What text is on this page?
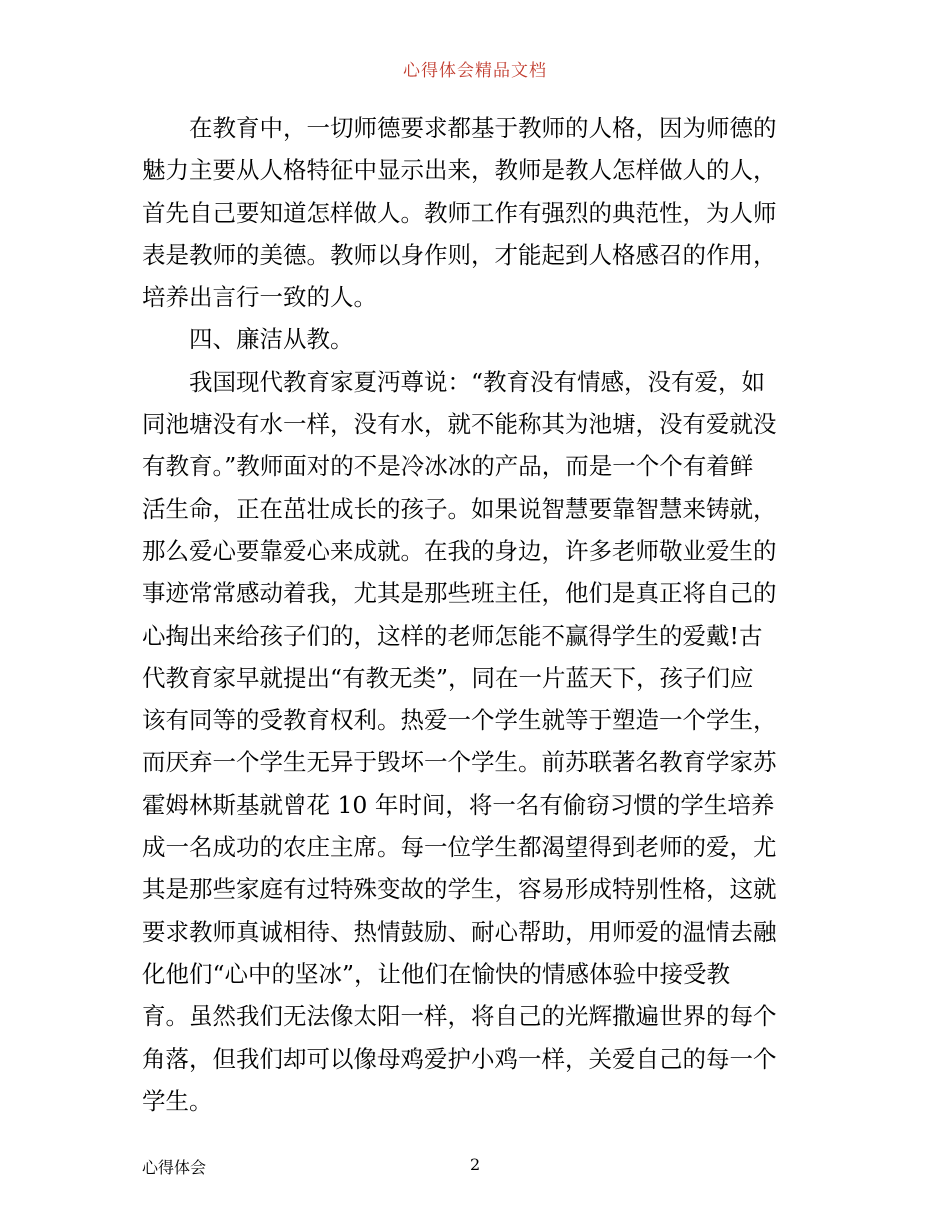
心得体会精品文档
　　在教育中，一切师德要求都基于教师的人格，因为师德的
魅力主要从人格特征中显示出来，教师是教人怎样做人的人，
首先自己要知道怎样做人。教师工作有强烈的典范性，为人师
表是教师的美德。教师以身作则，才能起到人格感召的作用，
培养出言行一致的人。
　　四、廉洁从教。
　　我国现代教育家夏沔尊说：“教育没有情感，没有爱，如
同池塘没有水一样，没有水，就不能称其为池塘，没有爱就没
有教育。”教师面对的不是冷冰冰的产品，而是一个个有着鲜
活生命，正在茁壮成长的孩子。如果说智慧要靠智慧来铸就，
那么爱心要靠爱心来成就。在我的身边，许多老师敬业爱生的
事迹常常感动着我，尤其是那些班主任，他们是真正将自己的
心掏出来给孩子们的，这样的老师怎能不赢得学生的爱戴!古
代教育家早就提出“有教无类”，同在一片蓝天下，孩子们应
该有同等的受教育权利。热爱一个学生就等于塑造一个学生，
而厌弃一个学生无异于毁坏一个学生。前苏联著名教育学家苏
霍姆林斯基就曾花 10 年时间，将一名有偷窃习惯的学生培养
成一名成功的农庄主席。每一位学生都渴望得到老师的爱，尤
其是那些家庭有过特殊变故的学生，容易形成特别性格，这就
要求教师真诚相待、热情鼓励、耐心帮助，用师爱的温情去融
化他们“心中的坚冰”，让他们在愉快的情感体验中接受教
育。虽然我们无法像太阳一样，将自己的光辉撒遍世界的每个
角落，但我们却可以像母鸡爱护小鸡一样，关爱自己的每一个
学生。
心得体会	2
